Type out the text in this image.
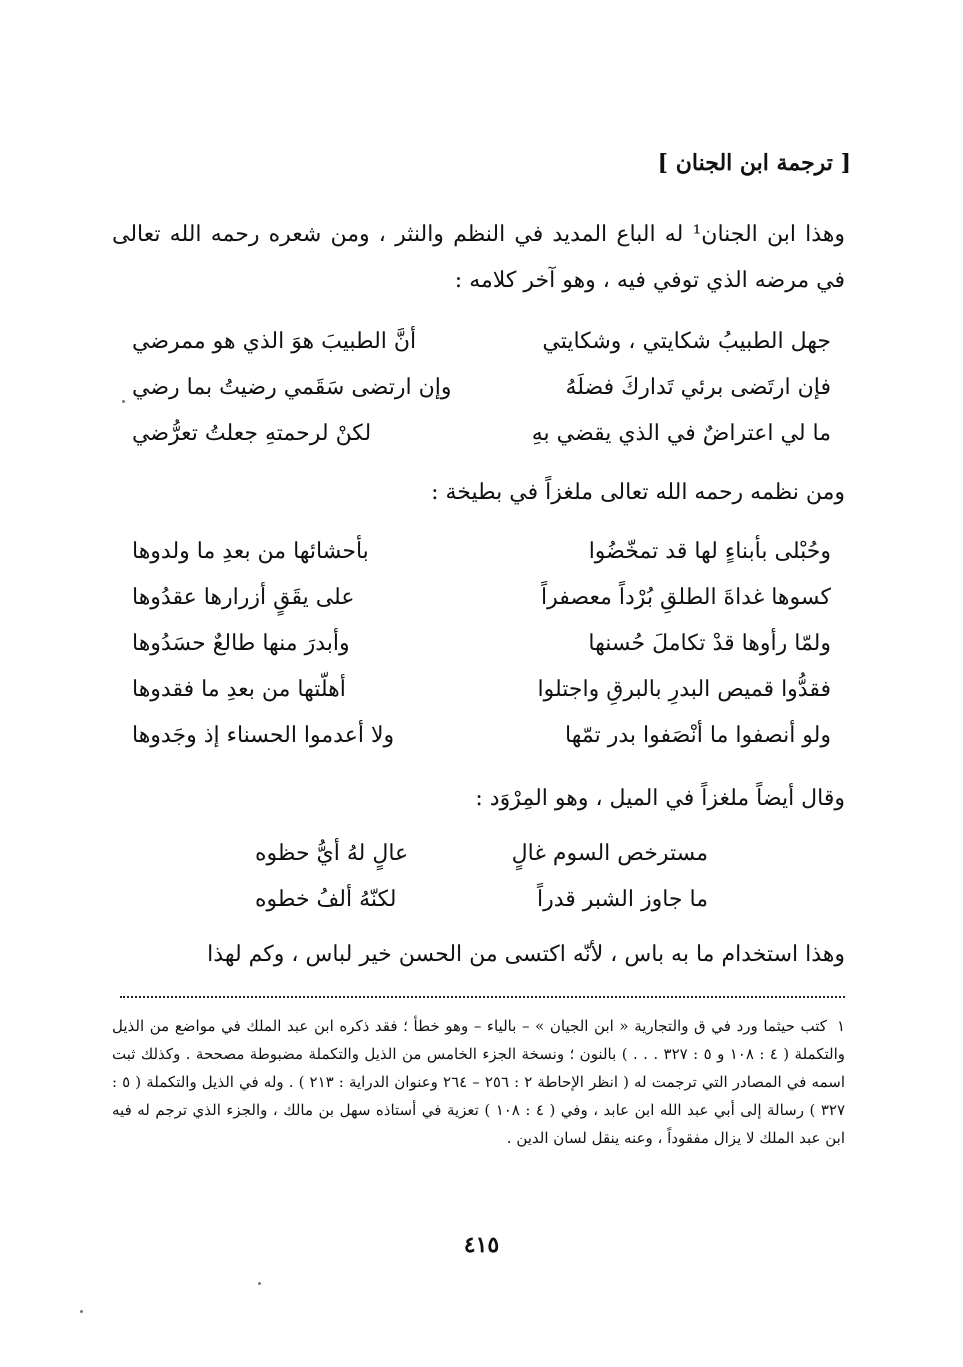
[ ترجمة ابن الجنان ]

وهذا ابن الجنان¹ له الباع المديد في النظم والنثر ، ومن شعره رحمه الله تعالى في مرضه الذي توفي فيه ، وهو آخر كلامه :

جهل الطبيبُ شكايتي ، وشكايتي
أنَّ الطبيبَ هوَ الذي هو ممرضي
فإن ارتَضى برئي تَداركَ فضلَهُ
وإن ارتضى سَقَمي رضيتُ بما رضي
ما لي اعتراضٌ في الذي يقضي بهِ
لكنْ لرحمتهِ جعلتُ تعرُّضي

ومن نظمه رحمه الله تعالى ملغزاً في بطيخة :

وحُبْلى بأبناءٍ لها قد تمخّضُوا
بأحشائها من بعدِ ما ولدوها
كسوها غداةَ الطلقِ بُرْداً معصفراً
على يقَقٍ أزرارها عقدُوها
ولمّا رأوها قدْ تكاملَ حُسنها
وأبدرَ منها طالعٌ حسَدُوها
فقدُّوا قميص البدرِ بالبرقِ واجتلوا
أهلّتها من بعدِ ما فقدوها
ولو أنصفوا ما أنْصَفوا بدر تمّها
ولا أعدموا الحسناء إذ وجَدوها

وقال أيضاً ملغزاً في الميل ، وهو المِرْوَد :

مسترخص السوم غالٍ
عالٍ لهُ أيُّ حظوه
ما جاوز الشبر قدراً
لكنّهُ ألفُ خطوه

وهذا استخدام ما به باس ، لأنّه اكتسى من الحسن خير لباس ، وكم لهذا

١كتب حيثما ورد في ق والتجارية « ابن الجيان » – بالياء – وهو خطأ ؛ فقد ذكره ابن عبد الملك في مواضع من الذيل والتكملة ( ٤ : ١٠٨ و ٥ : ٣٢٧ . . . ) بالنون ؛ ونسخة الجزء الخامس من الذيل والتكملة مضبوطة مصححة . وكذلك ثبت اسمه في المصادر التي ترجمت له ( انظر الإحاطة ٢ : ٢٥٦ – ٢٦٤ وعنوان الدراية : ٢١٣ ) . وله في الذيل والتكملة ( ٥ : ٣٢٧ ) رسالة إلى أبي عبد الله ابن عابد ، وفي ( ٤ : ١٠٨ ) تعزية في أستاذه سهل بن مالك ، والجزء الذي ترجم له فيه ابن عبد الملك لا يزال مفقوداً ، وعنه ينقل لسان الدين .
٤١٥
